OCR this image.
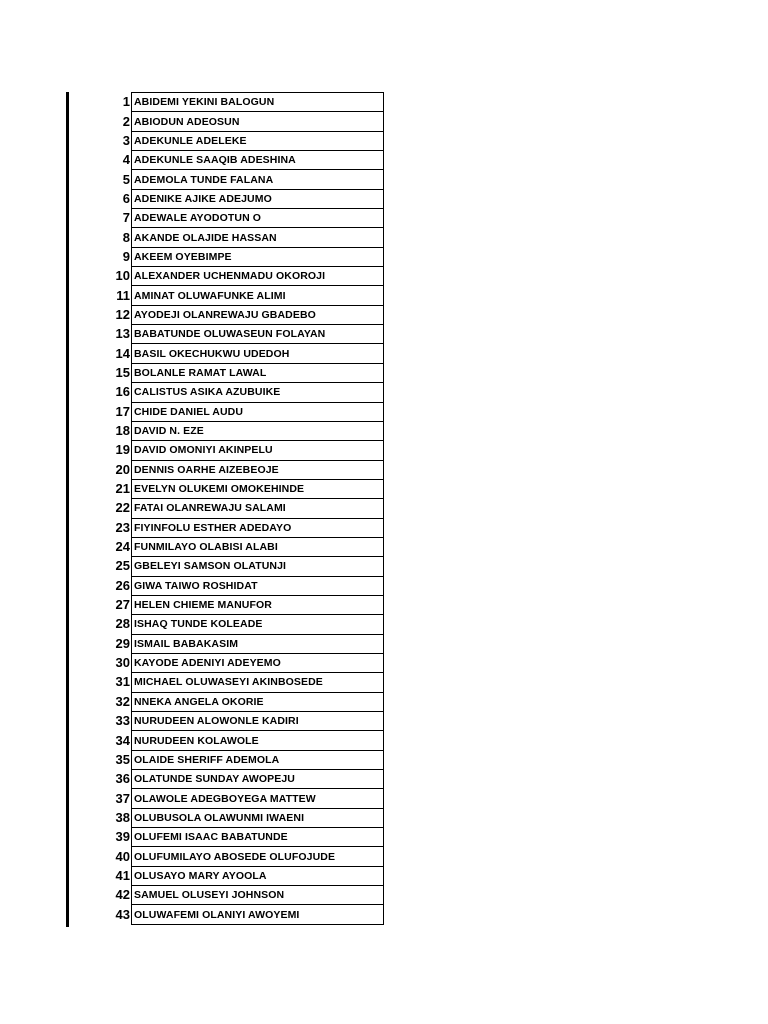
1	ABIDEMI YEKINI BALOGUN
2	ABIODUN ADEOSUN
3	ADEKUNLE ADELEKE
4	ADEKUNLE SAAQIB ADESHINA
5	ADEMOLA TUNDE FALANA
6	ADENIKE AJIKE ADEJUMO
7	ADEWALE AYODOTUN O
8	AKANDE OLAJIDE HASSAN
9	AKEEM OYEBIMPE
10	ALEXANDER UCHENMADU OKOROJI
11	AMINAT OLUWAFUNKE ALIMI
12	AYODEJI OLANREWAJU GBADEBO
13	BABATUNDE OLUWASEUN FOLAYAN
14	BASIL OKECHUKWU UDEDOH
15	BOLANLE RAMAT LAWAL
16	CALISTUS ASIKA AZUBUIKE
17	CHIDE DANIEL AUDU
18	DAVID N. EZE
19	DAVID OMONIYI AKINPELU
20	DENNIS OARHE AIZEBEOJE
21	EVELYN OLUKEMI OMOKEHINDE
22	FATAI OLANREWAJU SALAMI
23	FIYINFOLU ESTHER ADEDAYO
24	FUNMILAYO OLABISI ALABI
25	GBELEYI SAMSON OLATUNJI
26	GIWA TAIWO ROSHIDAT
27	HELEN CHIEME MANUFOR
28	ISHAQ TUNDE KOLEADE
29	ISMAIL BABAKASIM
30	KAYODE ADENIYI ADEYEMO
31	MICHAEL OLUWASEYI AKINBOSEDE
32	NNEKA ANGELA OKORIE
33	NURUDEEN ALOWONLE KADIRI
34	NURUDEEN KOLAWOLE
35	OLAIDE SHERIFF ADEMOLA
36	OLATUNDE SUNDAY AWOPEJU
37	OLAWOLE ADEGBOYEGA MATTEW
38	OLUBUSOLA OLAWUNMI IWAENI
39	OLUFEMI ISAAC BABATUNDE
40	OLUFUMILAYO ABOSEDE OLUFOJUDE
41	OLUSAYO MARY AYOOLA
42	SAMUEL OLUSEYI JOHNSON
43	OLUWAFEMI OLANIYI AWOYEMI
